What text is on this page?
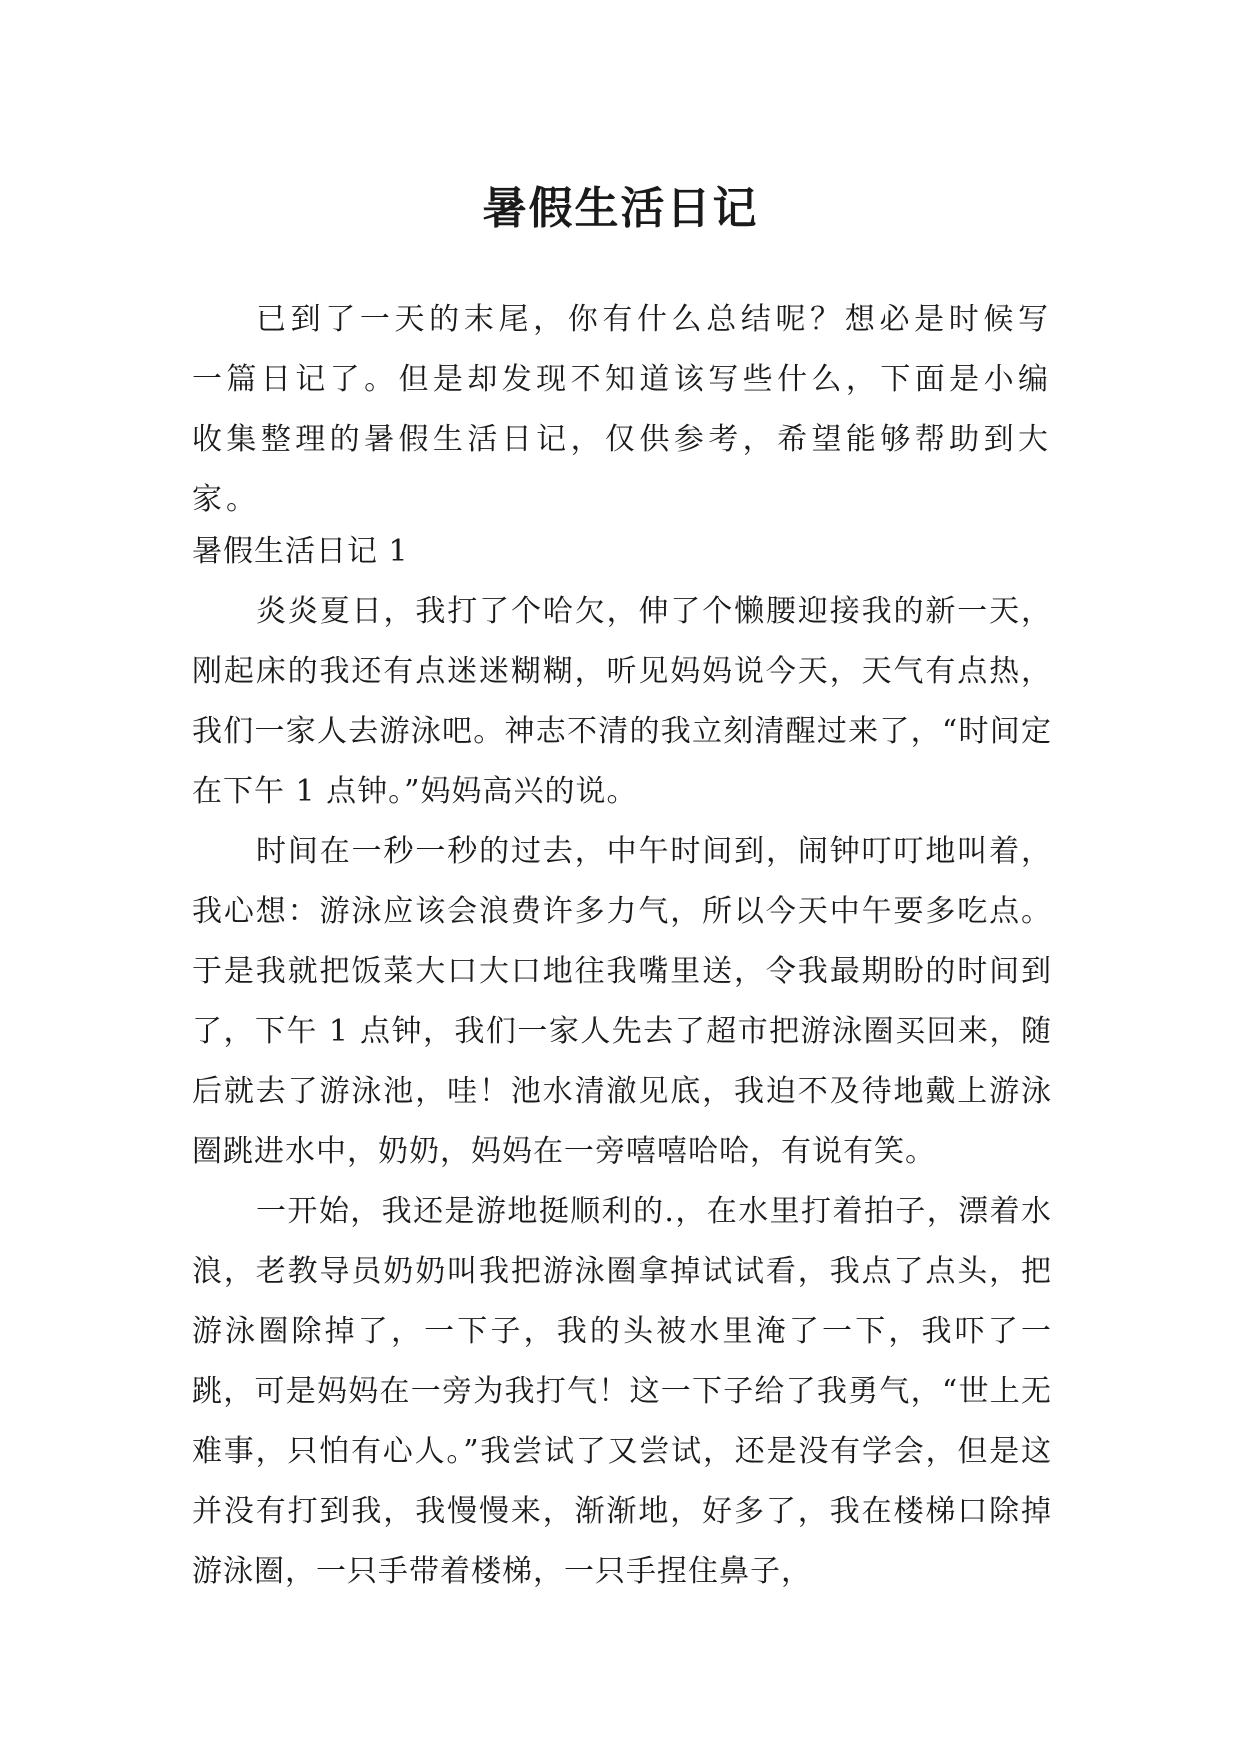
暑假生活日记

已到了一天的末尾，你有什么总结呢？想必是时候写一篇日记了。但是却发现不知道该写些什么，下面是小编收集整理的暑假生活日记，仅供参考，希望能够帮助到大家。

暑假生活日记 1

炎炎夏日，我打了个哈欠，伸了个懒腰迎接我的新一天，刚起床的我还有点迷迷糊糊，听见妈妈说今天，天气有点热，我们一家人去游泳吧。神志不清的我立刻清醒过来了，“时间定在下午 1 点钟。”妈妈高兴的说。

时间在一秒一秒的过去，中午时间到，闹钟叮叮地叫着，我心想：游泳应该会浪费许多力气，所以今天中午要多吃点。于是我就把饭菜大口大口地往我嘴里送，令我最期盼的时间到了，下午 1 点钟，我们一家人先去了超市把游泳圈买回来，随后就去了游泳池，哇！池水清澈见底，我迫不及待地戴上游泳圈跳进水中，奶奶，妈妈在一旁嘻嘻哈哈，有说有笑。

一开始，我还是游地挺顺利的.，在水里打着拍子，漂着水浪，老教导员奶奶叫我把游泳圈拿掉试试看，我点了点头，把游泳圈除掉了，一下子，我的头被水里淹了一下，我吓了一跳，可是妈妈在一旁为我打气！这一下子给了我勇气，“世上无难事，只怕有心人。”我尝试了又尝试，还是没有学会，但是这并没有打到我，我慢慢来，渐渐地，好多了，我在楼梯口除掉游泳圈，一只手带着楼梯，一只手捏住鼻子，
